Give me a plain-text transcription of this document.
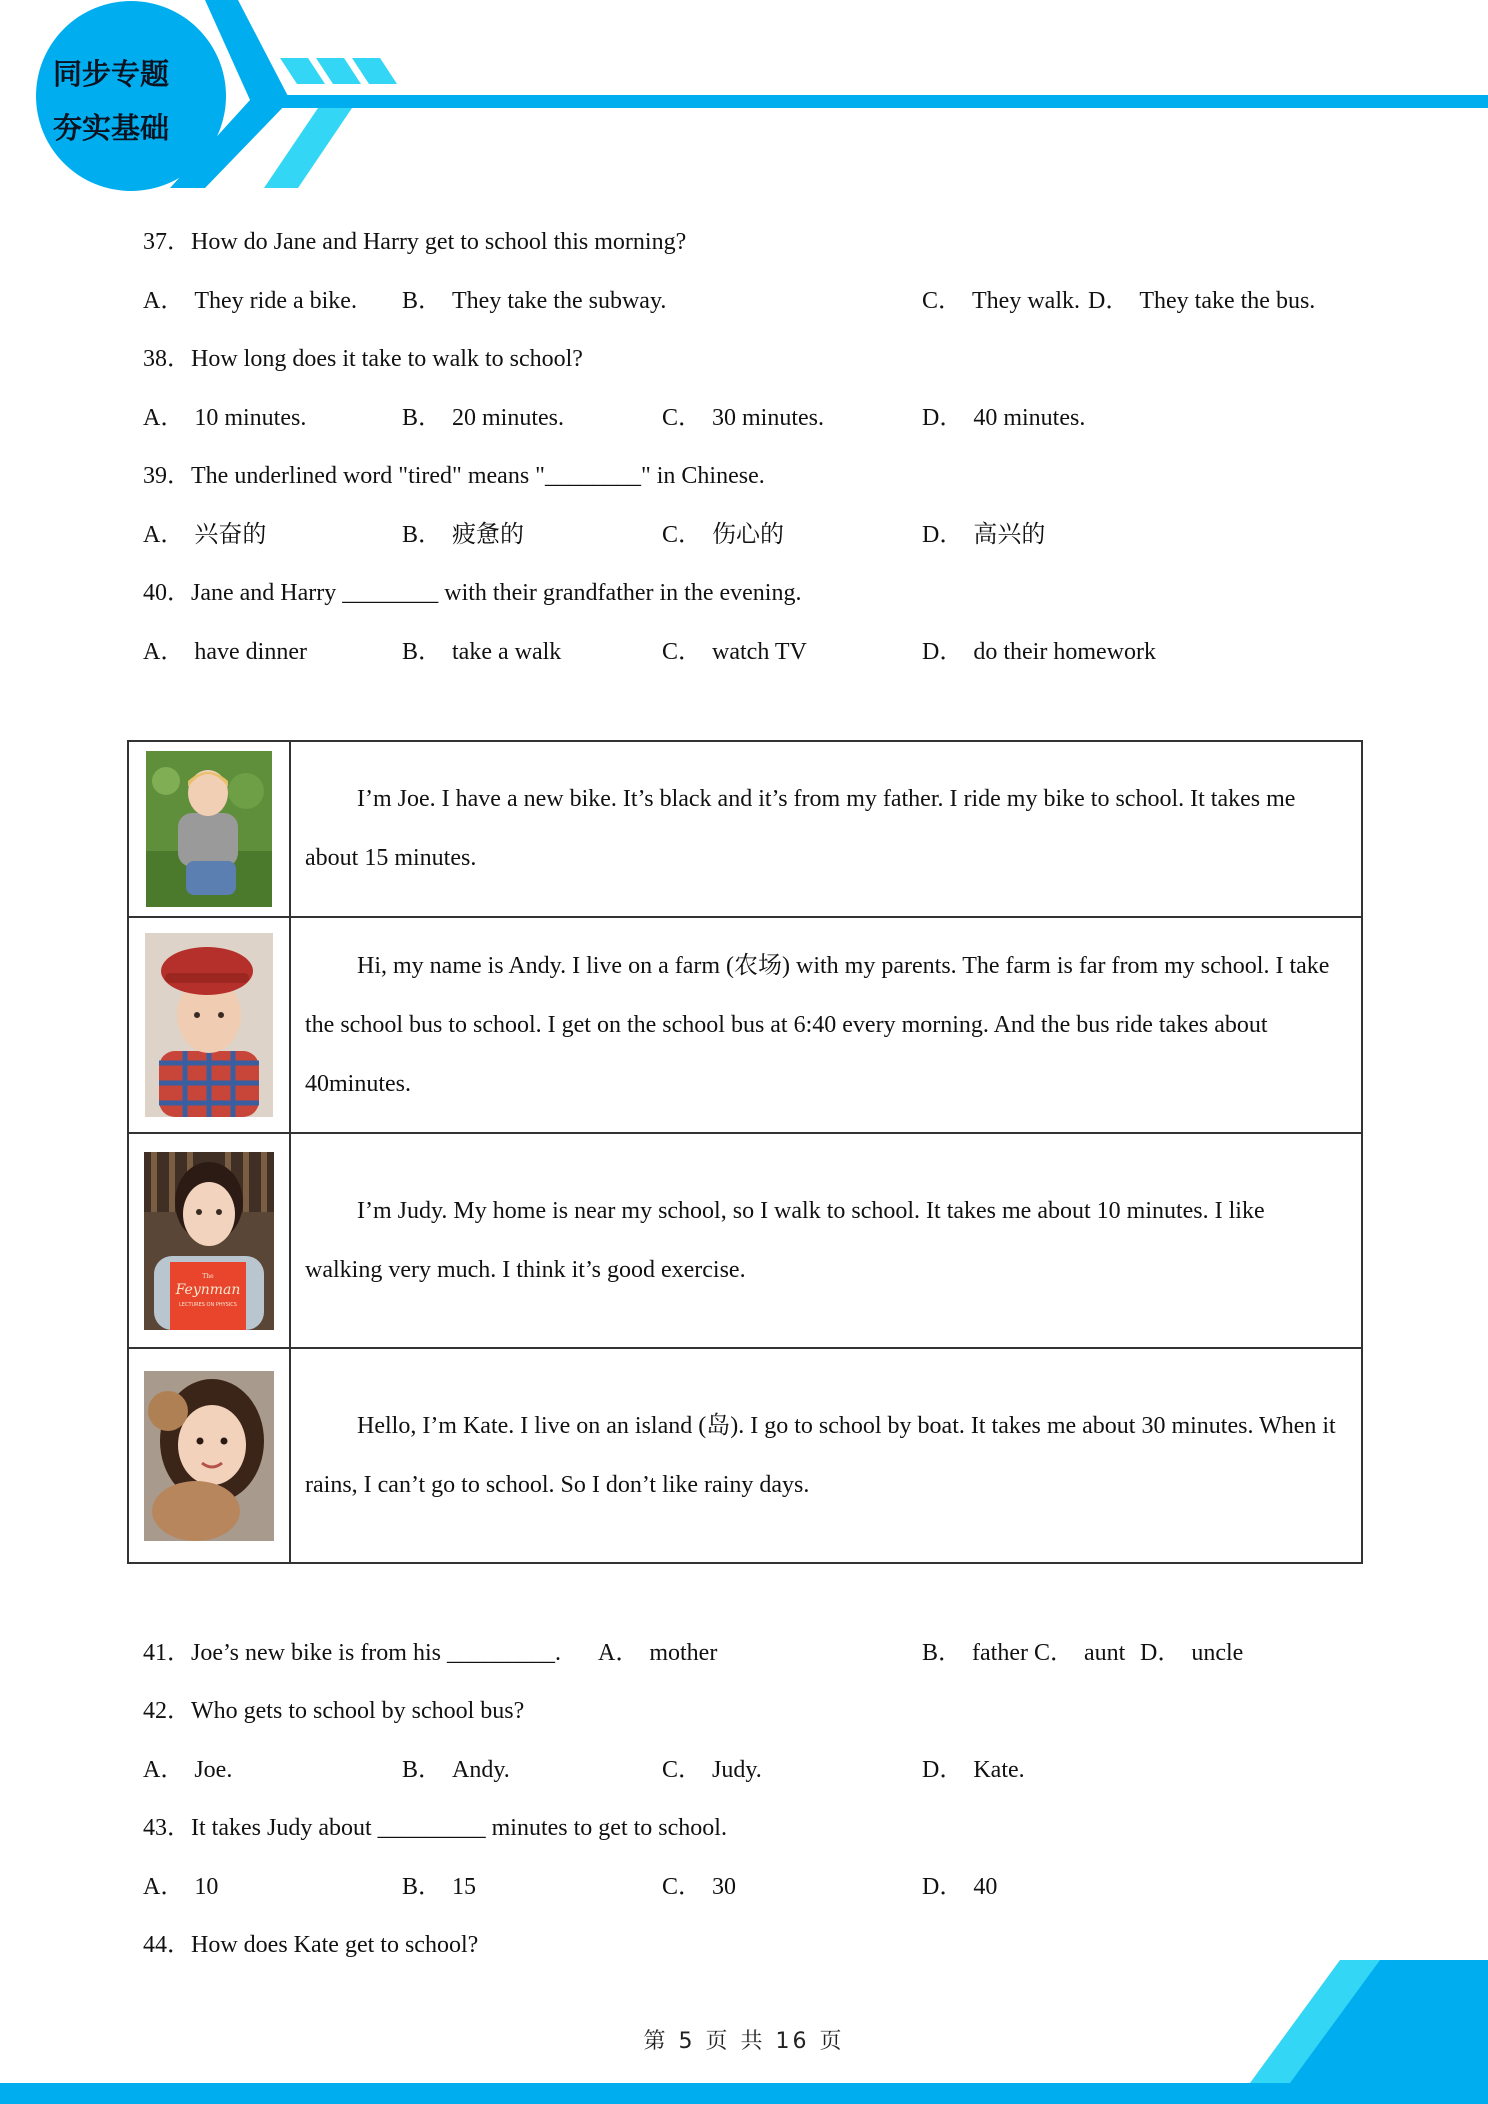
同步专题
夯实基础
37．How do Jane and Harry get to school this morning?
A． They ride a bike. B． They take the subway.	C． They walk. D． They take the bus.
38．How long does it take to walk to school?
A． 10 minutes.	B． 20 minutes.	C． 30 minutes.	D． 40 minutes.
39．The underlined word "tired" means "________" in Chinese.
A． 兴奋的	B． 疲惫的	C． 伤心的	D． 高兴的
40．Jane and Harry ________ with their grandfather in the evening.
A． have dinner	B． take a walk	C． watch TV	D． do their homework
41．Joe’s new bike is from his _________. A． mother	B． father C． aunt D． uncle
42．Who gets to school by school bus?
A． Joe.	B． Andy.	C． Judy.	D． Kate.
43．It takes Judy about _________ minutes to get to school.
A． 10	B． 15	C． 30	D． 40
44．How does Kate get to school?
	I’m Joe. I have a new bike. It’s black and it’s from my father. I ride my bike to school. It takes me about 15 minutes.

	Hi, my name is Andy. I live on a farm (农场) with my parents. The farm is far from my school. I take the school bus to school. I get on the school bus at 6:40 every morning. And the bus ride takes about 40minutes.

The
Feynman
LECTURES ON PHYSICS	I’m Judy. My home is near my school, so I walk to school. It takes me about 10 minutes. I like walking very much. I think it’s good exercise.

	Hello, I’m Kate. I live on an island (岛). I go to school by boat. It takes me about 30 minutes. When it rains, I can’t go to school. So I don’t like rainy days.
第 5 页 共 16 页
